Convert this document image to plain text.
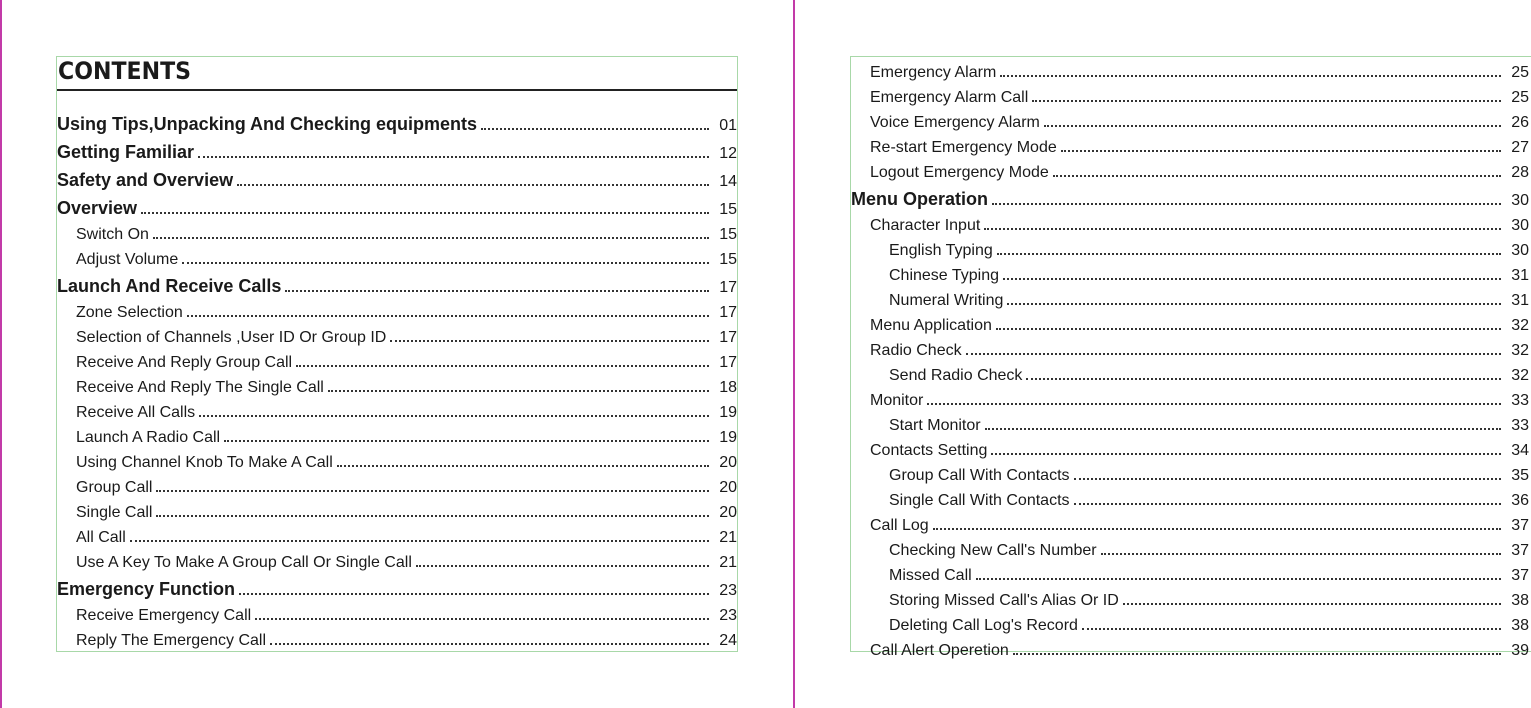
CONTENTS
Using Tips,Unpacking And Checking equipments	01
Getting Familiar	12
Safety and Overview	14
Overview	15
Switch On	15
Adjust Volume	15
Launch And Receive Calls	17
Zone Selection	17
Selection of Channels ,User ID Or Group ID	17
Receive And Reply Group Call	17
Receive And Reply The Single Call	18
Receive All Calls	19
Launch A Radio Call	19
Using Channel Knob To Make A Call	20
Group Call	20
Single Call	20
All Call	21
Use A Key To Make A Group Call Or Single Call	21
Emergency Function	23
Receive Emergency Call	23
Reply The Emergency Call	24
Emergency Alarm	25
Emergency Alarm Call	25
Voice Emergency Alarm	26
Re-start Emergency Mode	27
Logout Emergency Mode	28
Menu Operation	30
Character Input	30
English Typing	30
Chinese Typing	31
Numeral Writing	31
Menu Application	32
Radio Check	32
Send Radio Check	32
Monitor	33
Start Monitor	33
Contacts Setting	34
Group Call With Contacts	35
Single Call With Contacts	36
Call Log	37
Checking New Call's Number	37
Missed Call	37
Storing Missed Call's Alias Or ID	38
Deleting Call Log's Record	38
Call Alert Operetion	39
